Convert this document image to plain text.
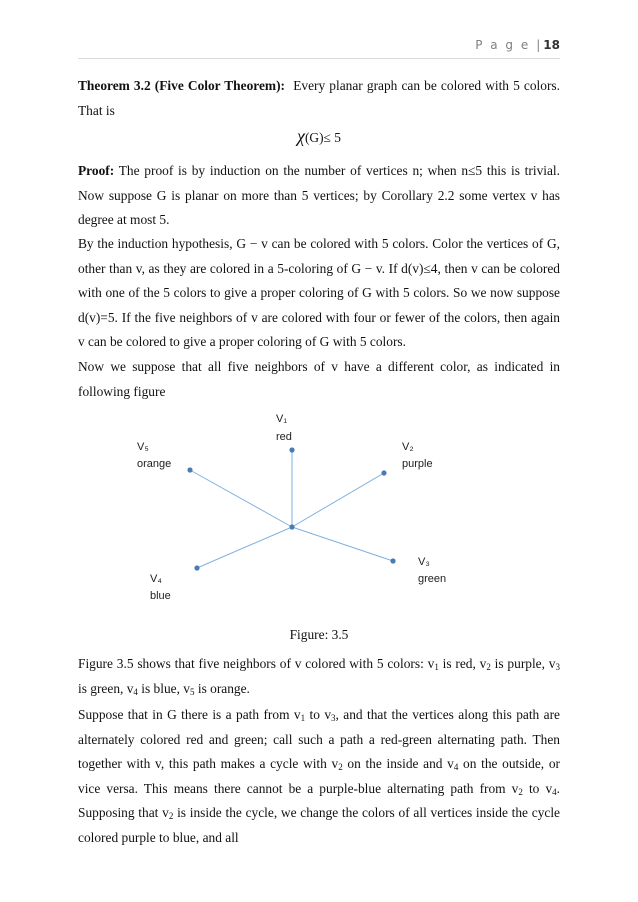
P a g e | 18
Theorem 3.2 (Five Color Theorem): Every planar graph can be colored with 5 colors. That is
χ(G)≤ 5
Proof: The proof is by induction on the number of vertices n; when n≤5 this is trivial. Now suppose G is planar on more than 5 vertices; by Corollary 2.2 some vertex v has degree at most 5.
By the induction hypothesis, G − v can be colored with 5 colors. Color the vertices of G, other than v, as they are colored in a 5-coloring of G − v. If d(v)≤4, then v can be colored with one of the 5 colors to give a proper coloring of G with 5 colors. So we now suppose d(v)=5. If the five neighbors of v are colored with four or fewer of the colors, then again v can be colored to give a proper coloring of G with 5 colors.
Now we suppose that all five neighbors of v have a different color, as indicated in following figure
V₁
red
V₂
purple
V₃
green
V₄
blue
V₅
orange
Figure: 3.5
Figure 3.5 shows that five neighbors of v colored with 5 colors: $v_1$ is red, $v_2$ is purple, $v_3$ is green, $v_4$ is blue, $v_5$ is orange.
Suppose that in G there is a path from $v_1$ to $v_3$, and that the vertices along this path are alternately colored red and green; call such a path a red-green alternating path. Then together with v, this path makes a cycle with $v_2$ on the inside and $v_4$ on the outside, or vice versa. This means there cannot be a purple-blue alternating path from $v_2$ to $v_4$. Supposing that $v_2$ is inside the cycle, we change the colors of all vertices inside the cycle colored purple to blue, and all
